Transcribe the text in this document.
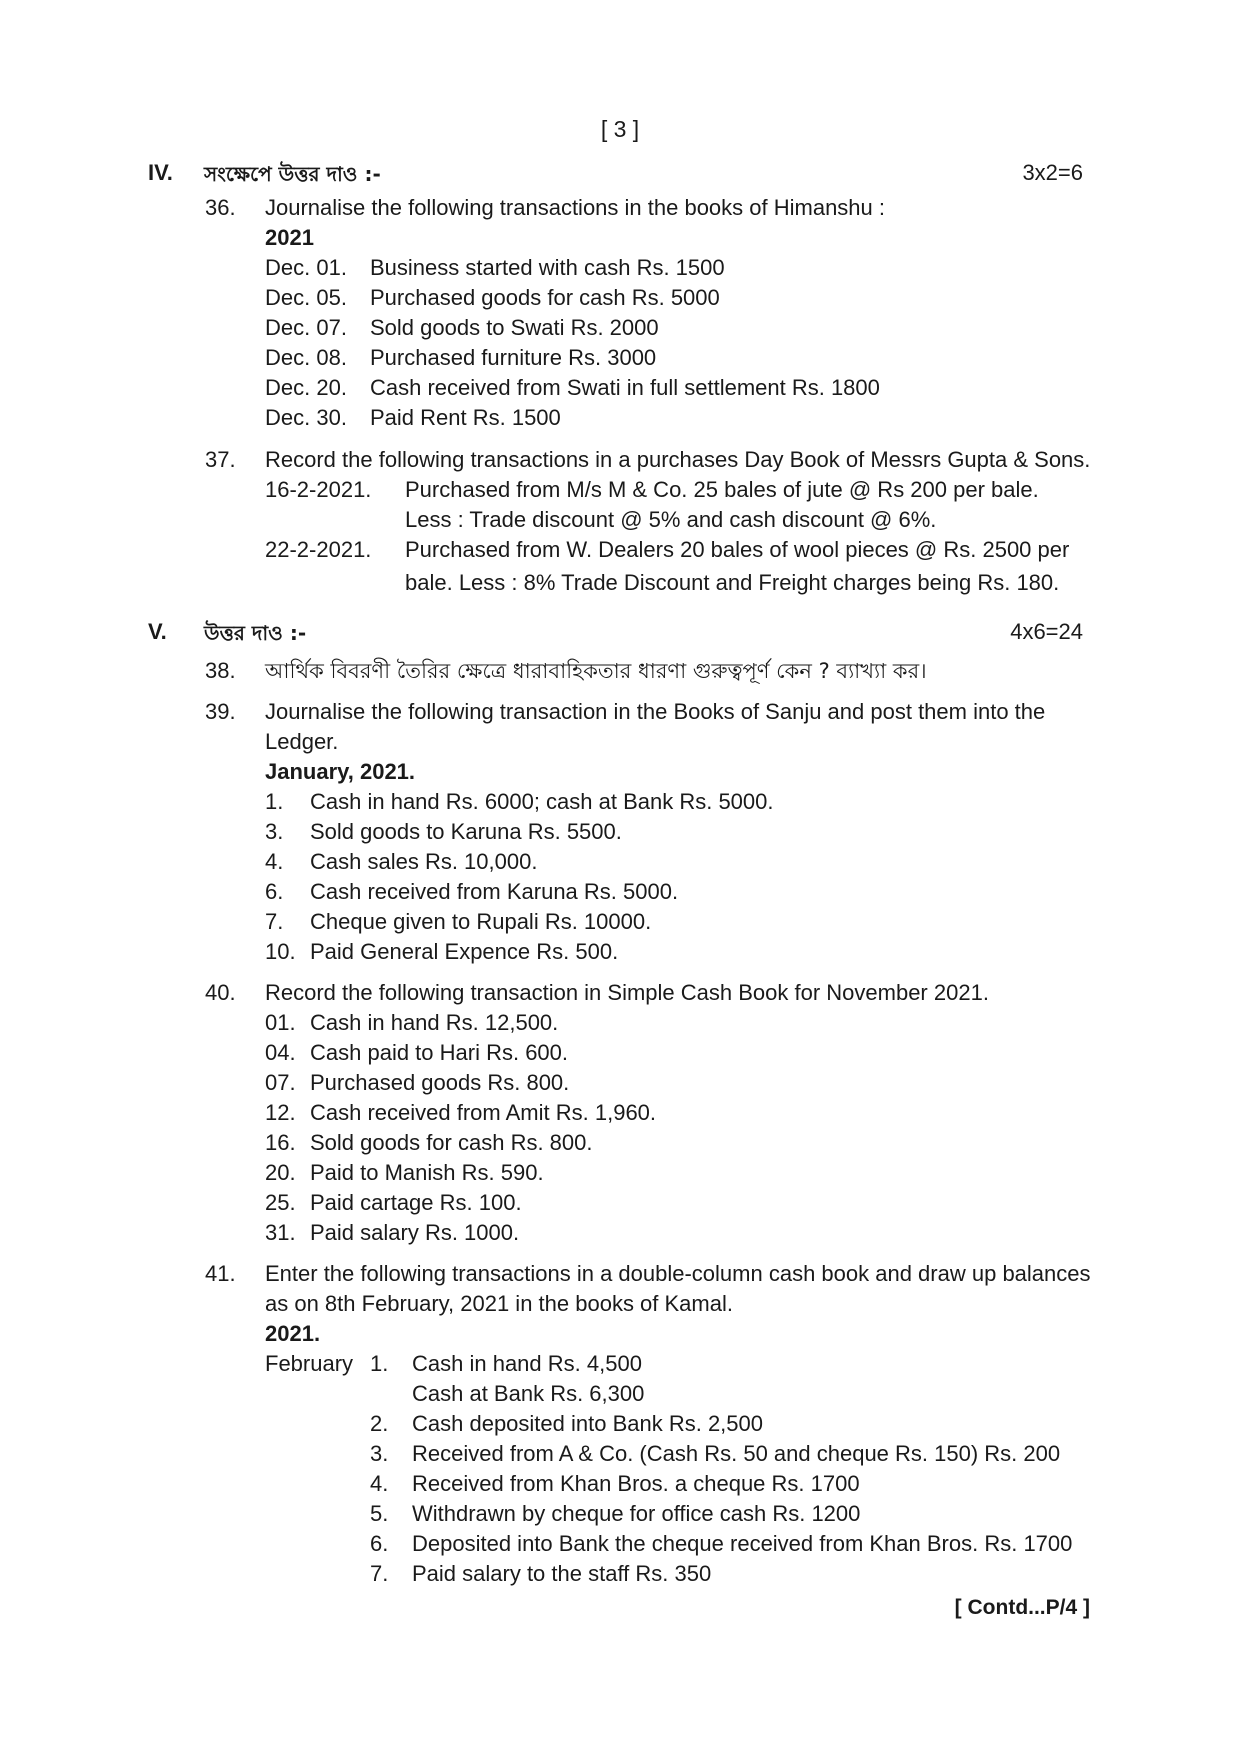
[ 3 ]
IV. সংক্ষেপে উত্তর দাও :-	3x2=6
36. Journalise the following transactions in the books of Himanshu :
2021
Dec. 01. Business started with cash Rs. 1500
Dec. 05. Purchased goods for cash Rs. 5000
Dec. 07. Sold goods to Swati Rs. 2000
Dec. 08. Purchased furniture Rs. 3000
Dec. 20. Cash received from Swati in full settlement Rs. 1800
Dec. 30. Paid Rent Rs. 1500
37. Record the following transactions in a purchases Day Book of Messrs Gupta & Sons.
16-2-2021. Purchased from M/s M & Co. 25 bales of jute @ Rs 200 per bale.
Less : Trade discount @ 5% and cash discount @ 6%.
22-2-2021. Purchased from W. Dealers 20 bales of wool pieces @ Rs. 2500 per
bale. Less : 8% Trade Discount and Freight charges being Rs. 180.
V. উত্তর দাও :-	4x6=24
38. আর্থিক বিবরণী তৈরির ক্ষেত্রে ধারাবাহিকতার ধারণা গুরুত্বপূর্ণ কেন ? ব্যাখ্যা কর।
39. Journalise the following transaction in the Books of Sanju and post them into the
Ledger.
January, 2021.
1. Cash in hand Rs. 6000; cash at Bank Rs. 5000.
3. Sold goods to Karuna Rs. 5500.
4. Cash sales Rs. 10,000.
6. Cash received from Karuna Rs. 5000.
7. Cheque given to Rupali Rs. 10000.
10. Paid General Expence Rs. 500.
40. Record the following transaction in Simple Cash Book for November 2021.
01. Cash in hand Rs. 12,500.
04. Cash paid to Hari Rs. 600.
07. Purchased goods Rs. 800.
12. Cash received from Amit Rs. 1,960.
16. Sold goods for cash Rs. 800.
20. Paid to Manish Rs. 590.
25. Paid cartage Rs. 100.
31. Paid salary Rs. 1000.
41. Enter the following transactions in a double-column cash book and draw up balances
as on 8th February, 2021 in the books of Kamal.
2021.
February 1. Cash in hand Rs. 4,500
Cash at Bank Rs. 6,300
2. Cash deposited into Bank Rs. 2,500
3. Received from A & Co. (Cash Rs. 50 and cheque Rs. 150) Rs. 200
4. Received from Khan Bros. a cheque Rs. 1700
5. Withdrawn by cheque for office cash Rs. 1200
6. Deposited into Bank the cheque received from Khan Bros. Rs. 1700
7. Paid salary to the staff Rs. 350
[ Contd...P/4 ]
